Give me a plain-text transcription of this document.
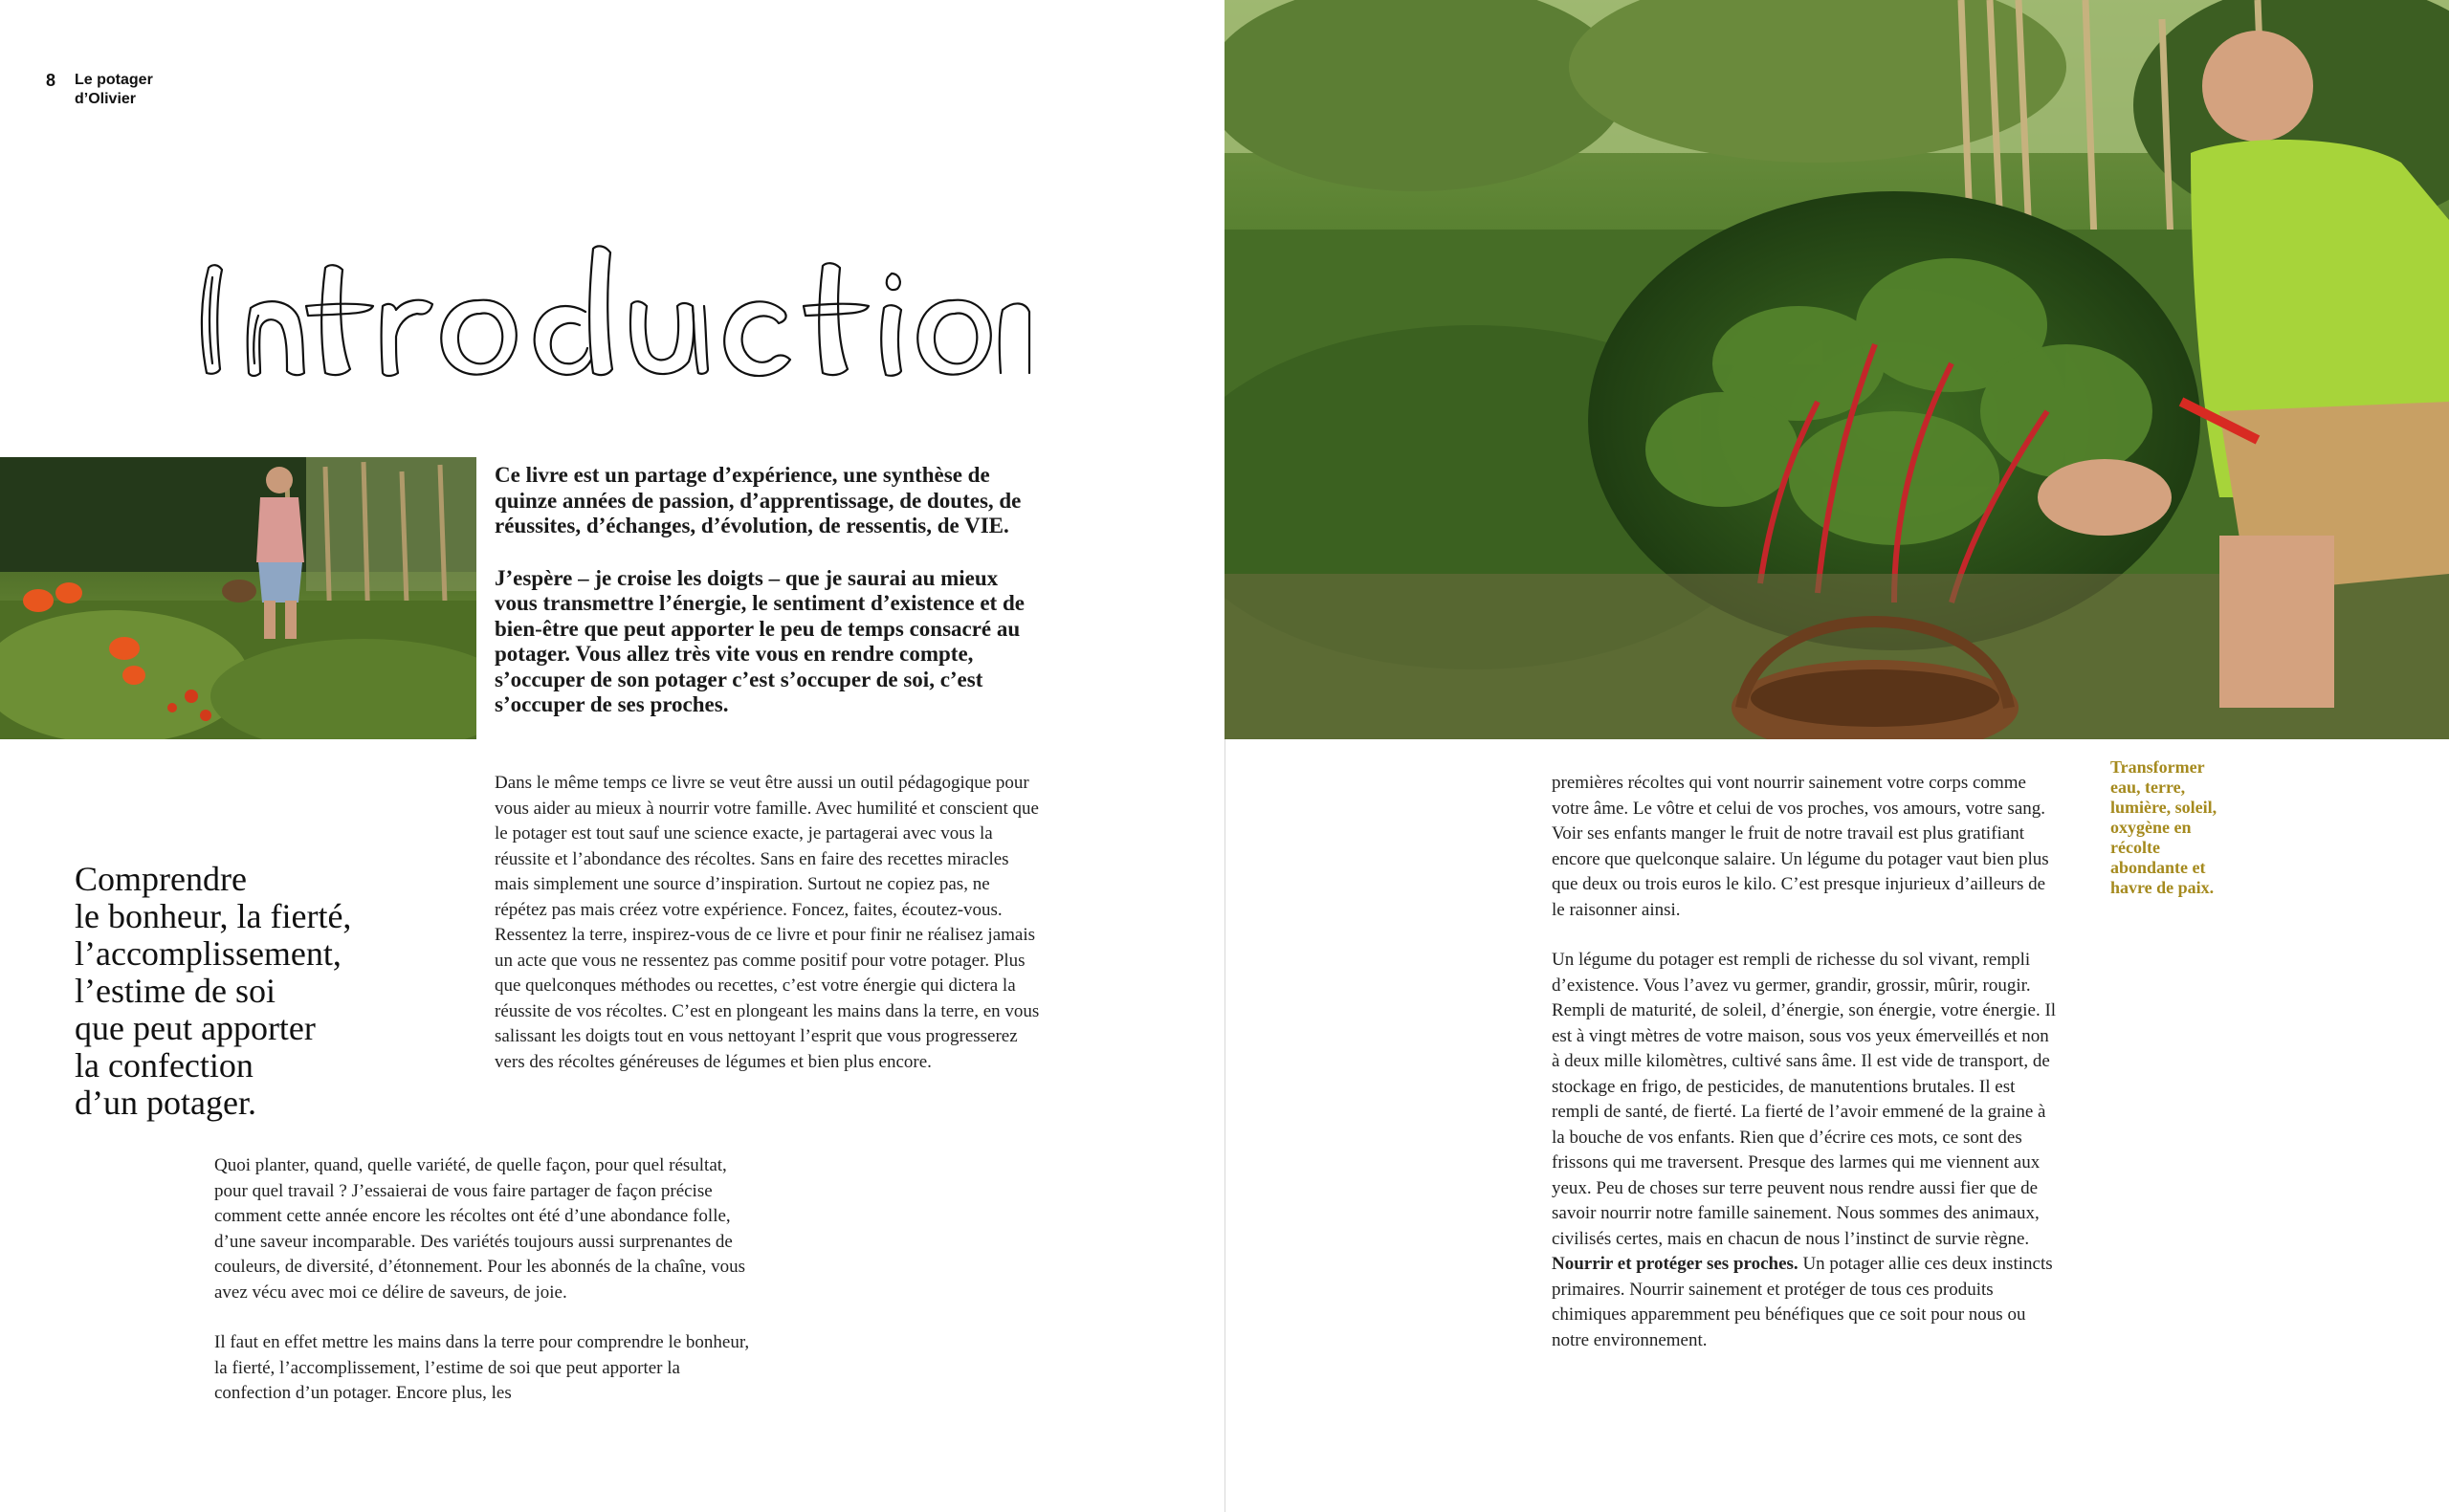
8 Le potager
d’Olivier

Ce livre est un partage d’expérience, une synthèse de quinze années de passion, d’apprentissage, de doutes, de réussites, d’échanges, d’évolution, de ressentis, de VIE.

J’espère – je croise les doigts – que je saurai au mieux vous transmettre l’énergie, le sentiment d’existence et de bien-être que peut apporter le peu de temps consacré au potager. Vous allez très vite vous en rendre compte, s’occuper de son potager c’est s’occuper de soi, c’est s’occuper de ses proches.

Dans le même temps ce livre se veut être aussi un outil pédagogique pour vous aider au mieux à nourrir votre famille. Avec humilité et conscient que le potager est tout sauf une science exacte, je partagerai avec vous la réussite et l’abondance des récoltes. Sans en faire des recettes miracles mais simplement une source d’inspiration. Surtout ne copiez pas, ne répétez pas mais créez votre expérience. Foncez, faites, écoutez-vous. Ressentez la terre, inspirez-vous de ce livre et pour finir ne réalisez jamais un acte que vous ne ressentez pas comme positif pour votre potager. Plus que quelconques méthodes ou recettes, c’est votre énergie qui dictera la réussite de vos récoltes. C’est en plongeant les mains dans la terre, en vous salissant les doigts tout en vous nettoyant l’esprit que vous progresserez vers des récoltes généreuses de légumes et bien plus encore.

Comprendre
le bonheur, la fierté,
l’accomplissement,
l’estime de soi
que peut apporter
la confection
d’un potager.

Quoi planter, quand, quelle variété, de quelle façon, pour quel résultat, pour quel travail ? J’essaierai de vous faire partager de façon précise comment cette année encore les récoltes ont été d’une abondance folle, d’une saveur incomparable. Des variétés toujours aussi surprenantes de couleurs, de diversité, d’étonnement. Pour les abonnés de la chaîne, vous avez vécu avec moi ce délire de saveurs, de joie.

Il faut en effet mettre les mains dans la terre pour comprendre le bonheur, la fierté, l’accomplissement, l’estime de soi que peut apporter la confection d’un potager. Encore plus, les

premières récoltes qui vont nourrir sainement votre corps comme votre âme. Le vôtre et celui de vos proches, vos amours, votre sang. Voir ses enfants manger le fruit de notre travail est plus gratifiant encore que quelconque salaire. Un légume du potager vaut bien plus que deux ou trois euros le kilo. C’est presque injurieux d’ailleurs de le raisonner ainsi.

Un légume du potager est rempli de richesse du sol vivant, rempli d’existence. Vous l’avez vu germer, grandir, grossir, mûrir, rougir. Rempli de maturité, de soleil, d’énergie, son énergie, votre énergie. Il est à vingt mètres de votre maison, sous vos yeux émerveillés et non à deux mille kilomètres, cultivé sans âme. Il est vide de transport, de stockage en frigo, de pesticides, de manutentions brutales. Il est rempli de santé, de fierté. La fierté de l’avoir emmené de la graine à la bouche de vos enfants. Rien que d’écrire ces mots, ce sont des frissons qui me traversent. Presque des larmes qui me viennent aux yeux. Peu de choses sur terre peuvent nous rendre aussi fier que de savoir nourrir notre famille sainement. Nous sommes des animaux, civilisés certes, mais en chacun de nous l’instinct de survie règne. Nourrir et protéger ses proches. Un potager allie ces deux instincts primaires. Nourrir sainement et protéger de tous ces produits chimiques apparemment peu bénéfiques que ce soit pour nous ou notre environnement.

Transformer eau, terre, lumière, soleil, oxygène en récolte abondante et havre de paix.
